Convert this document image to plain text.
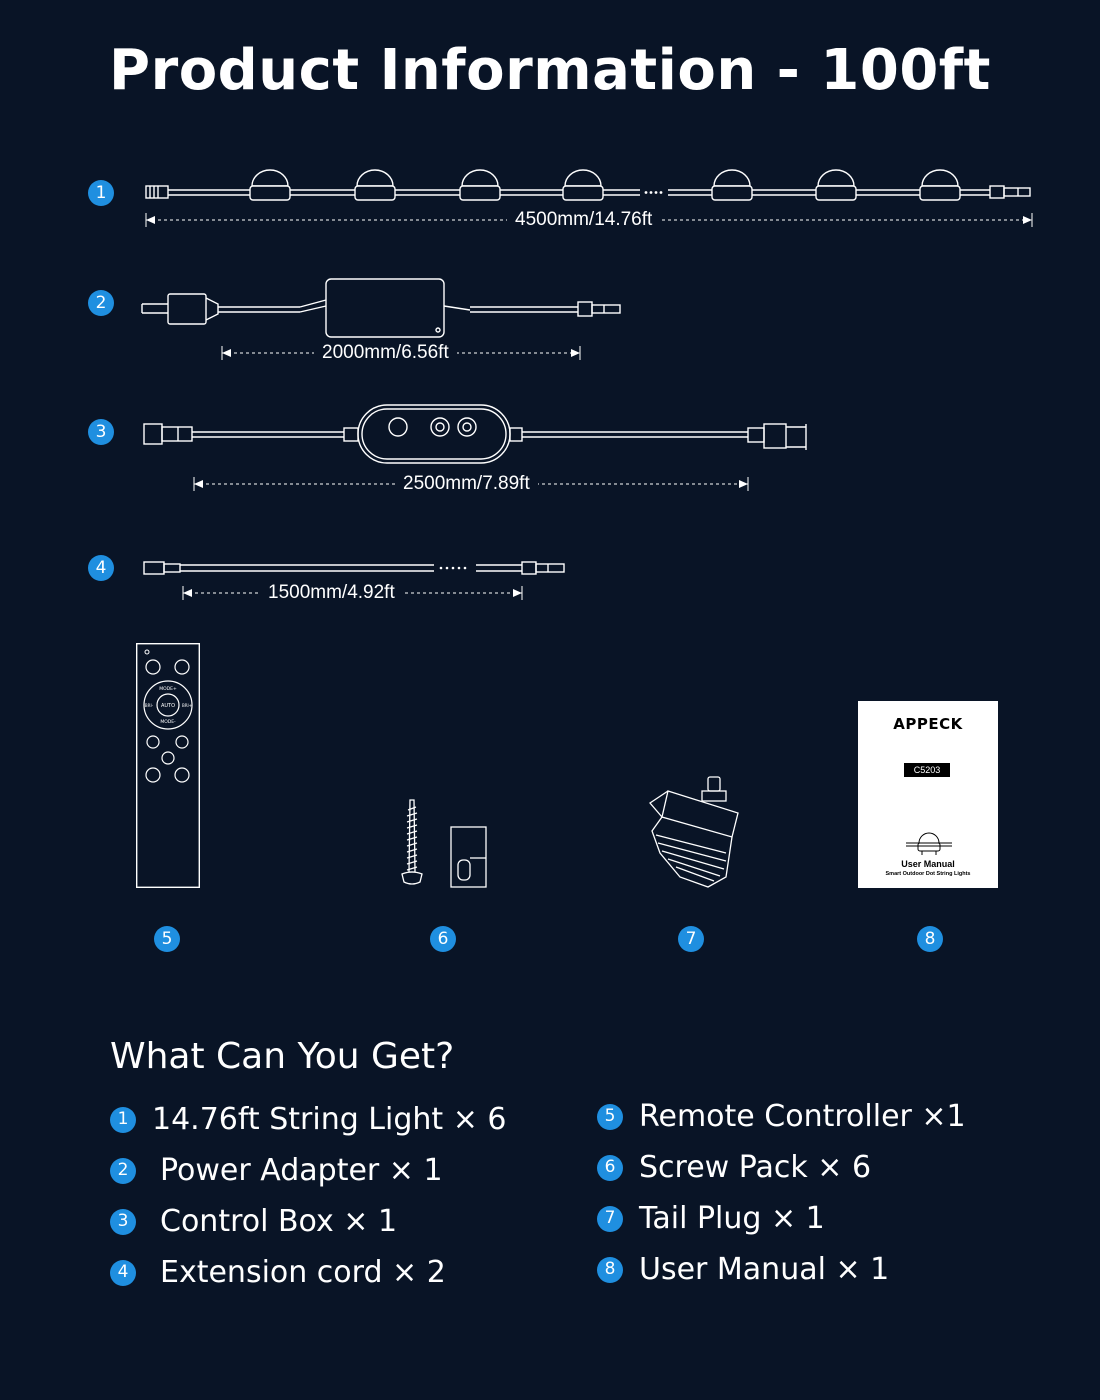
Product Information - 100ft
1
4500mm/14.76ft
2
2000mm/6.56ft
3
2500mm/7.89ft
4
1500mm/4.92ft
MODE+
MODE-
AUTO
BRI-	BRI+
APPECK
C5203
User Manual
Smart Outdoor Dot String Lights
5	6	7	8
What Can You Get?
1 14.76ft String Light × 6
2 Power Adapter × 1
3 Control Box × 1
4 Extension cord × 2
5 Remote Controller ×1
6 Screw Pack × 6
7 Tail Plug × 1
8 User Manual × 1
